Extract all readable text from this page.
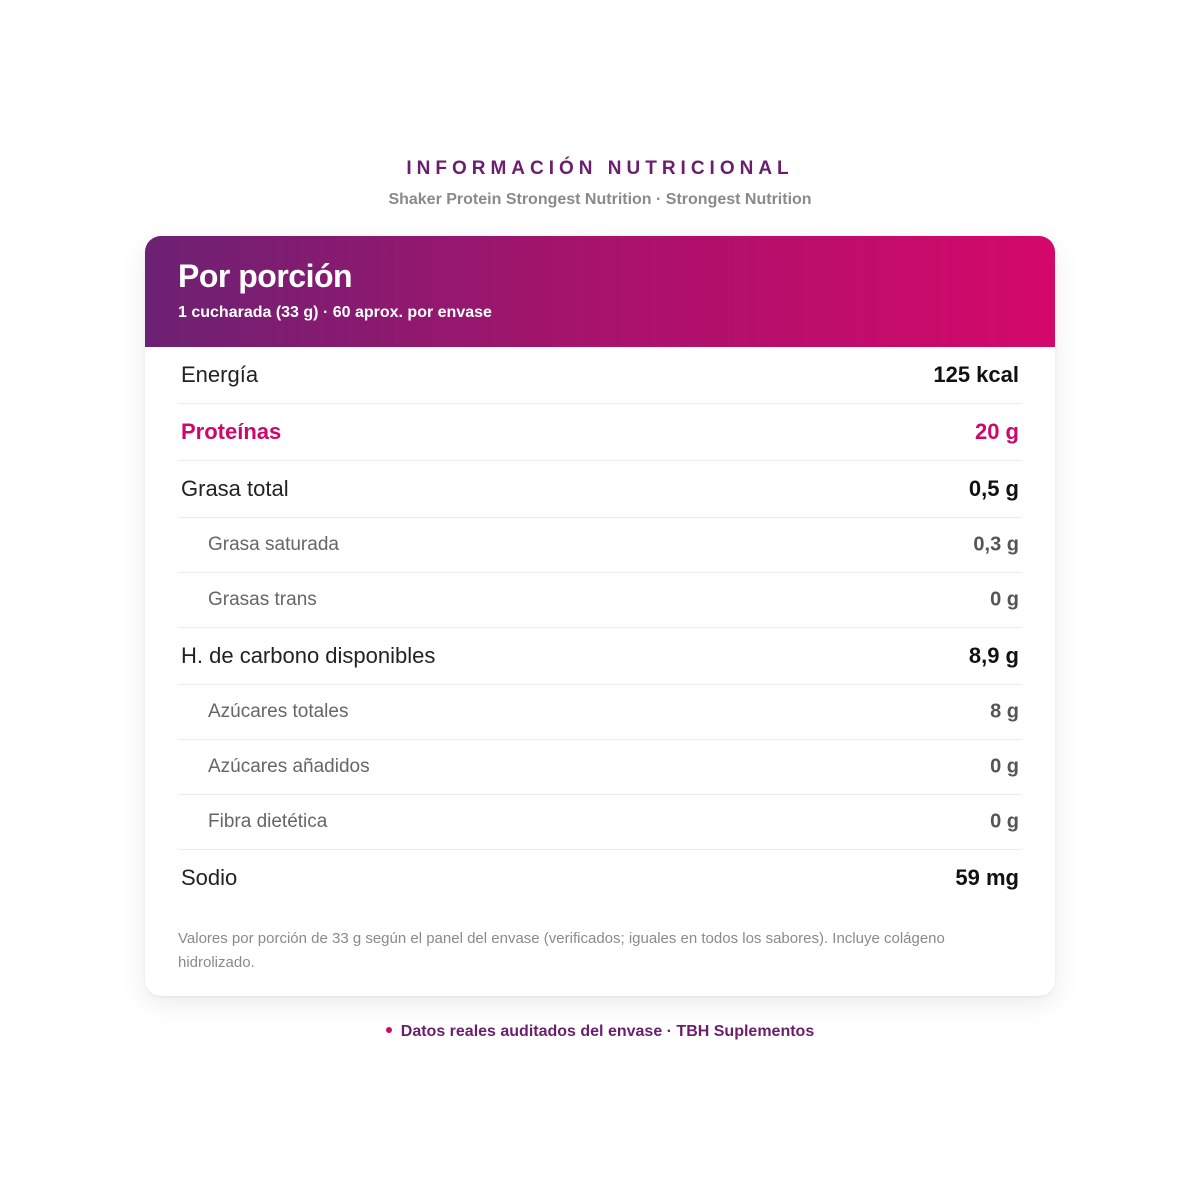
INFORMACIÓN NUTRICIONAL
Shaker Protein Strongest Nutrition · Strongest Nutrition
Por porción
1 cucharada (33 g) · 60 aprox. por envase
Energía	125 kcal
Proteínas	20 g
Grasa total	0,5 g
Grasa saturada	0,3 g
Grasas trans	0 g
H. de carbono disponibles	8,9 g
Azúcares totales	8 g
Azúcares añadidos	0 g
Fibra dietética	0 g
Sodio	59 mg
Valores por porción de 33 g según el panel del envase (verificados; iguales en todos los sabores). Incluye colágeno hidrolizado.
Datos reales auditados del envase · TBH Suplementos
